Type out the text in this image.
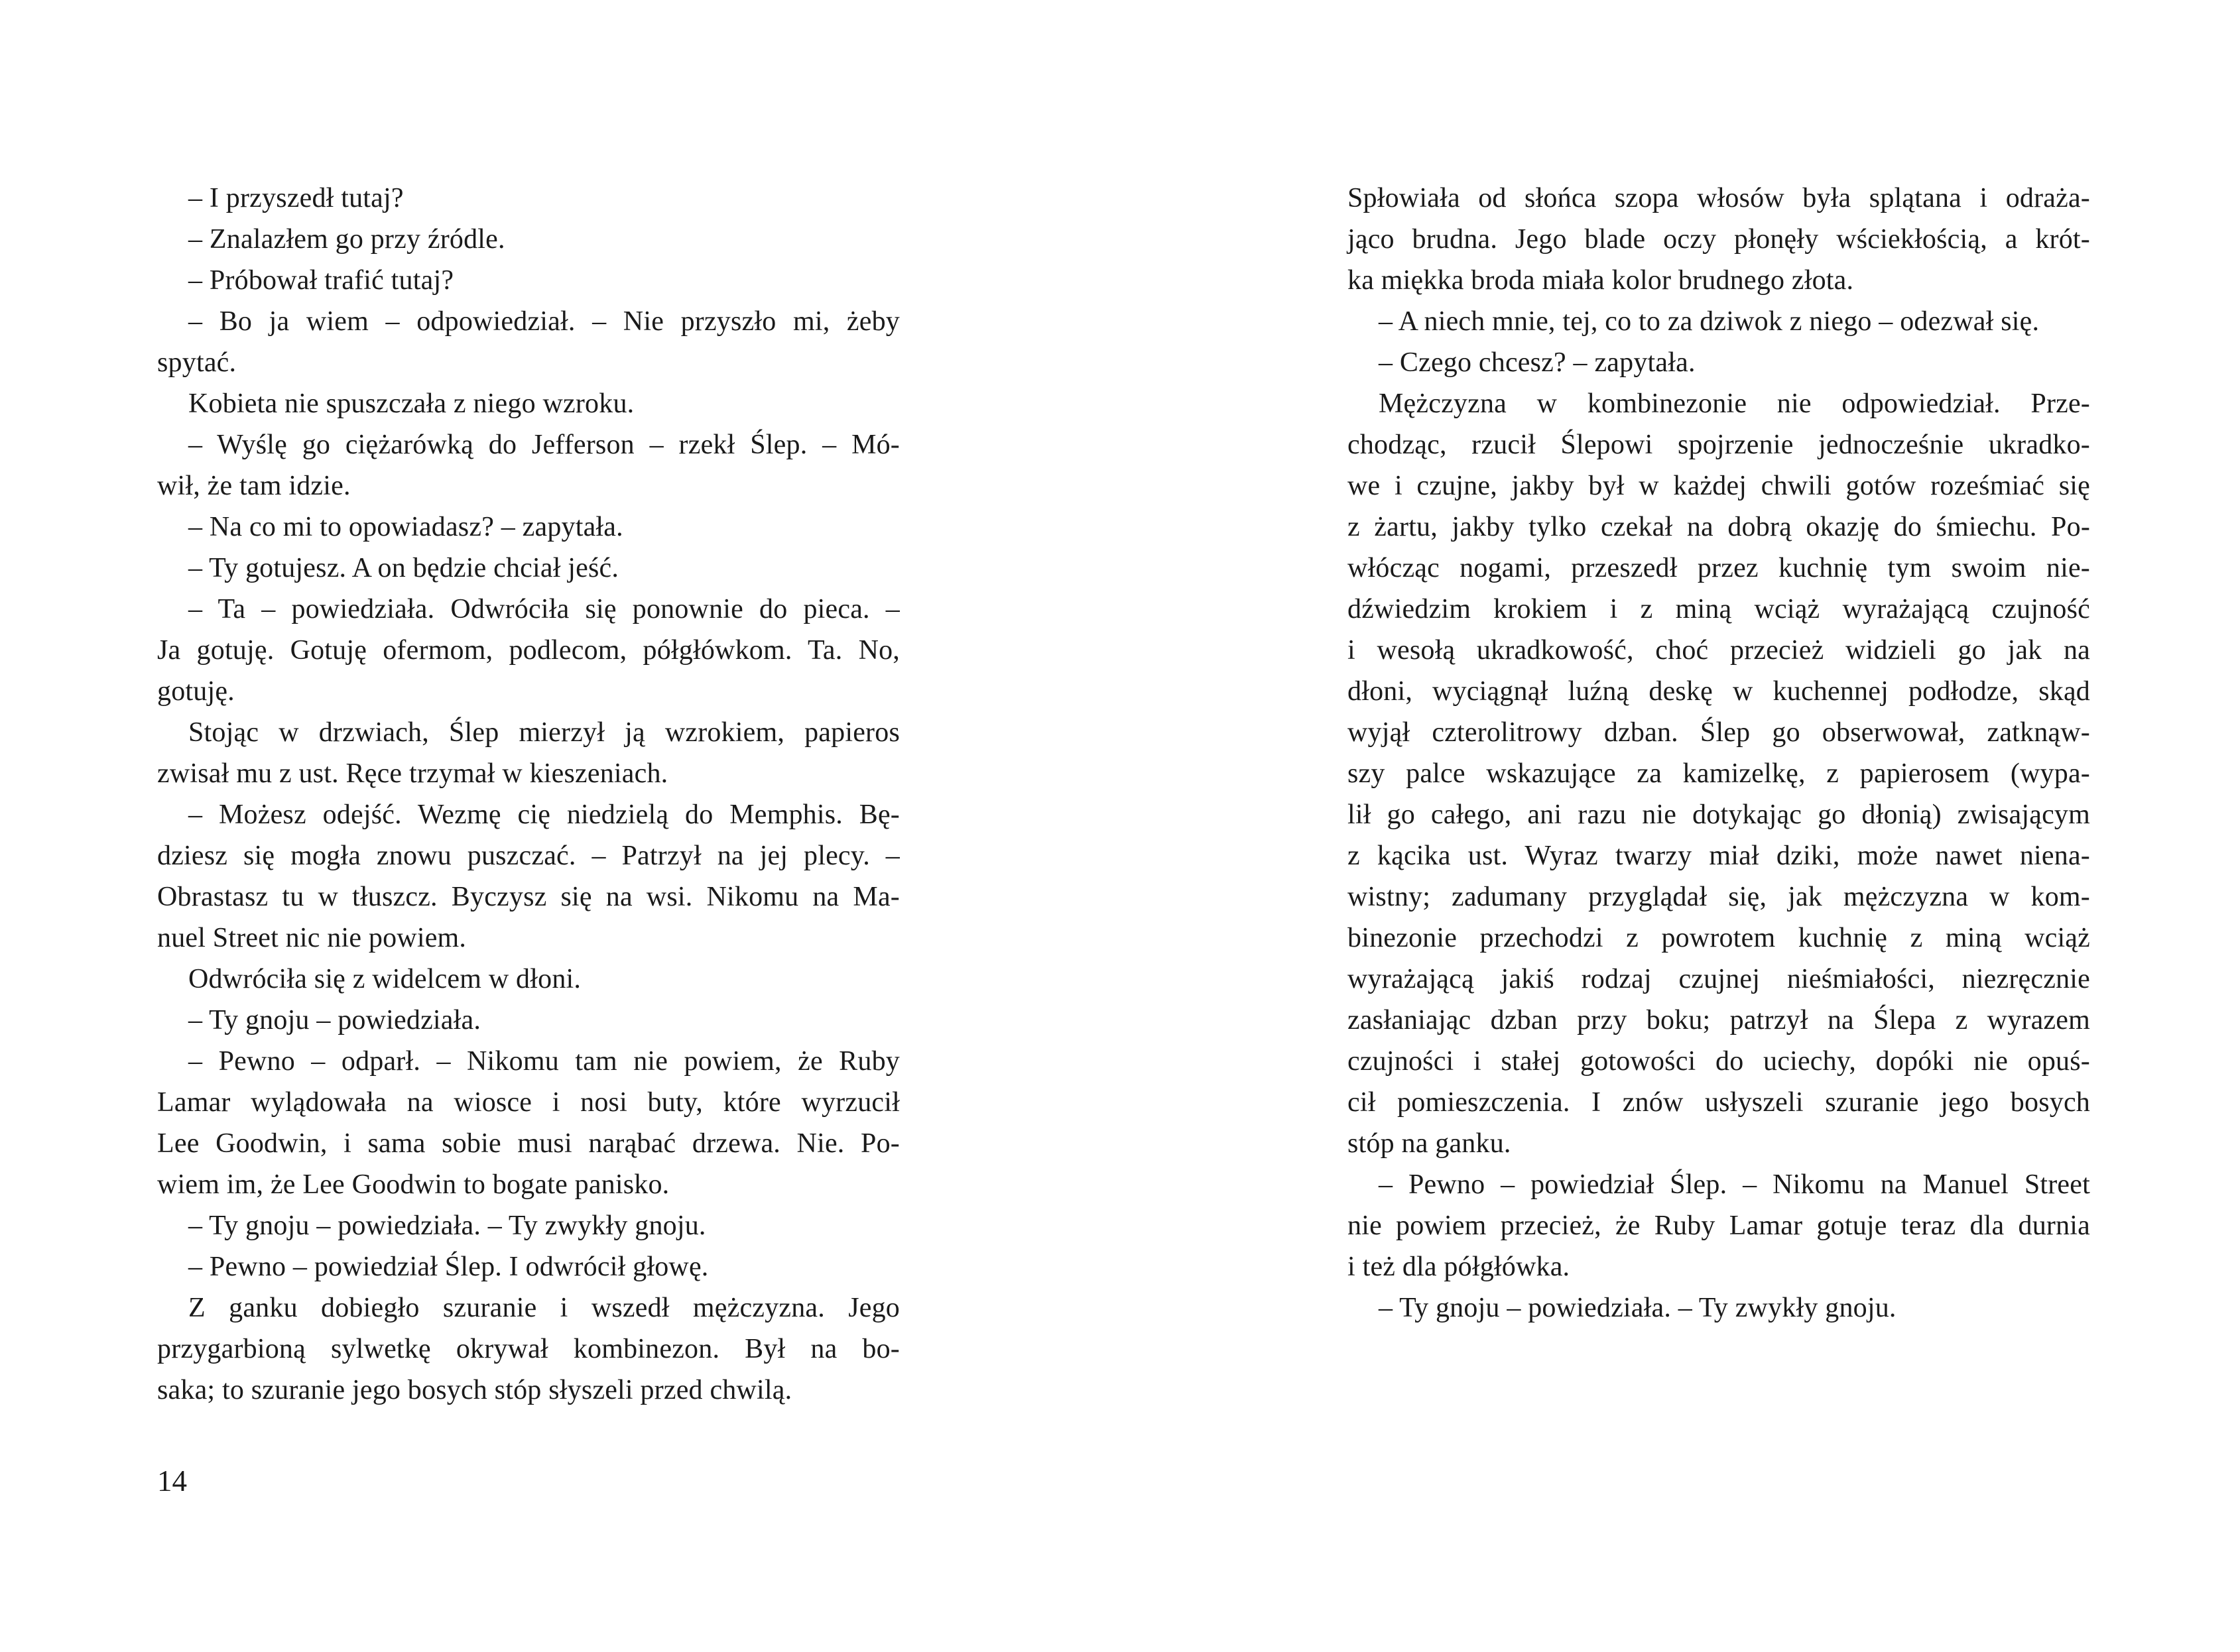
– I przyszedł tutaj?
– Znalazłem go przy źródle.
– Próbował trafić tutaj?
– Bo ja wiem – odpowiedział. – Nie przyszło mi, żeby
spytać.
Kobieta nie spuszczała z niego wzroku.
– Wyślę go ciężarówką do Jefferson – rzekł Ślep. – Mó-
wił, że tam idzie.
– Na co mi to opowiadasz? – zapytała.
– Ty gotujesz. A on będzie chciał jeść.
– Ta – powiedziała. Odwróciła się ponownie do pieca. –
Ja gotuję. Gotuję ofermom, podlecom, półgłówkom. Ta. No,
gotuję.
Stojąc w drzwiach, Ślep mierzył ją wzrokiem, papieros
zwisał mu z ust. Ręce trzymał w kieszeniach.
– Możesz odejść. Wezmę cię niedzielą do Memphis. Bę-
dziesz się mogła znowu puszczać. – Patrzył na jej plecy. –
Obrastasz tu w tłuszcz. Byczysz się na wsi. Nikomu na Ma-
nuel Street nic nie powiem.
Odwróciła się z widelcem w dłoni.
– Ty gnoju – powiedziała.
– Pewno – odparł. – Nikomu tam nie powiem, że Ruby
Lamar wylądowała na wiosce i nosi buty, które wyrzucił
Lee Goodwin, i sama sobie musi narąbać drzewa. Nie. Po-
wiem im, że Lee Goodwin to bogate panisko.
– Ty gnoju – powiedziała. – Ty zwykły gnoju.
– Pewno – powiedział Ślep. I odwrócił głowę.
Z ganku dobiegło szuranie i wszedł mężczyzna. Jego
przygarbioną sylwetkę okrywał kombinezon. Był na bo-
saka; to szuranie jego bosych stóp słyszeli przed chwilą.
Spłowiała od słońca szopa włosów była splątana i odraża-
jąco brudna. Jego blade oczy płonęły wściekłością, a krót-
ka miękka broda miała kolor brudnego złota.
– A niech mnie, tej, co to za dziwok z niego – odezwał się.
– Czego chcesz? – zapytała.
Mężczyzna w kombinezonie nie odpowiedział. Prze-
chodząc, rzucił Ślepowi spojrzenie jednocześnie ukradko-
we i czujne, jakby był w każdej chwili gotów roześmiać się
z żartu, jakby tylko czekał na dobrą okazję do śmiechu. Po-
włócząc nogami, przeszedł przez kuchnię tym swoim nie-
dźwiedzim krokiem i z miną wciąż wyrażającą czujność
i wesołą ukradkowość, choć przecież widzieli go jak na
dłoni, wyciągnął luźną deskę w kuchennej podłodze, skąd
wyjął czterolitrowy dzban. Ślep go obserwował, zatknąw-
szy palce wskazujące za kamizelkę, z papierosem (wypa-
lił go całego, ani razu nie dotykając go dłonią) zwisającym
z kącika ust. Wyraz twarzy miał dziki, może nawet niena-
wistny; zadumany przyglądał się, jak mężczyzna w kom-
binezonie przechodzi z powrotem kuchnię z miną wciąż
wyrażającą jakiś rodzaj czujnej nieśmiałości, niezręcznie
zasłaniając dzban przy boku; patrzył na Ślepa z wyrazem
czujności i stałej gotowości do uciechy, dopóki nie opuś-
cił pomieszczenia. I znów usłyszeli szuranie jego bosych
stóp na ganku.
– Pewno – powiedział Ślep. – Nikomu na Manuel Street
nie powiem przecież, że Ruby Lamar gotuje teraz dla durnia
i też dla półgłówka.
– Ty gnoju – powiedziała. – Ty zwykły gnoju.
14
